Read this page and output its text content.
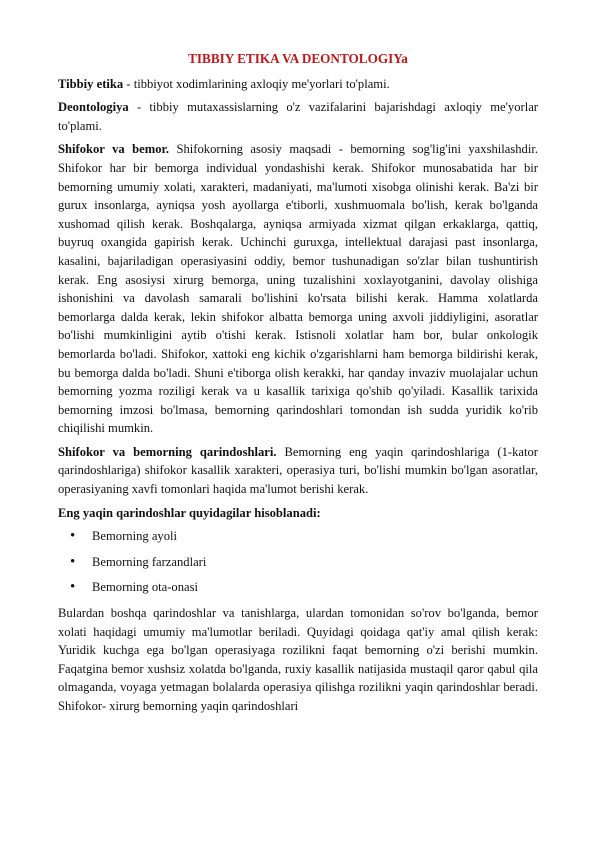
TIBBIY ETIKA VA DEONTOLOGIYa

Tibbiy etika - tibbiyot xodimlarining axloqiy me'yorlari to'plami.

Deontologiya - tibbiy mutaxassislarning o'z vazifalarini bajarishdagi axloqiy me'yorlar to'plami.

Shifokor va bemor. Shifokorning asosiy maqsadi - bemorning sog'lig'ini yaxshilashdir. Shifokor har bir bemorga individual yondashishi kerak. Shifokor munosabatida har bir bemorning umumiy xolati, xarakteri, madaniyati, ma'lumoti xisobga olinishi kerak. Ba'zi bir gurux insonlarga, ayniqsa yosh ayollarga e'tiborli, xushmuomala bo'lish, kerak bo'lganda xushomad qilish kerak. Boshqalarga, ayniqsa armiyada xizmat qilgan erkaklarga, qattiq, buyruq oxangida gapirish kerak. Uchinchi guruxga, intellektual darajasi past insonlarga, kasalini, bajariladigan operasiyasini oddiy, bemor tushunadigan so'zlar bilan tushuntirish kerak. Eng asosiysi xirurg bemorga, uning tuzalishini xoxlayotganini, davolay olishiga ishonishini va davolash samarali bo'lishini ko'rsata bilishi kerak. Hamma xolatlarda bemorlarga dalda kerak, lekin shifokor albatta bemorga uning axvoli jiddiyligini, asoratlar bo'lishi mumkinligini aytib o'tishi kerak. Istisnoli xolatlar ham bor, bular onkologik bemorlarda bo'ladi. Shifokor, xattoki eng kichik o'zgarishlarni ham bemorga bildirishi kerak, bu bemorga dalda bo'ladi. Shuni e'tiborga olish kerakki, har qanday invaziv muolajalar uchun bemorning yozma roziligi kerak va u kasallik tarixiga qo'shib qo'yiladi. Kasallik tarixida bemorning imzosi bo'lmasa, bemorning qarindoshlari tomondan ish sudda yuridik ko'rib chiqilishi mumkin.

Shifokor va bemorning qarindoshlari. Bemorning eng yaqin qarindoshlariga (1-kator qarindoshlariga) shifokor kasallik xarakteri, operasiya turi, bo'lishi mumkin bo'lgan asoratlar, operasiyaning xavfi tomonlari haqida ma'lumot berishi kerak.

Eng yaqin qarindoshlar quyidagilar hisoblanadi:

• Bemorning ayoli
• Bemorning farzandlari
• Bemorning ota-onasi

Bulardan boshqa qarindoshlar va tanishlarga, ulardan tomonidan so'rov bo'lganda, bemor xolati haqidagi umumiy ma'lumotlar beriladi. Quyidagi qoidaga qat'iy amal qilish kerak: Yuridik kuchga ega bo'lgan operasiyaga rozilikni faqat bemorning o'zi berishi mumkin. Faqatgina bemor xushsiz xolatda bo'lganda, ruxiy kasallik natijasida mustaqil qaror qabul qila olmaganda, voyaga yetmagan bolalarda operasiya qilishga rozilikni yaqin qarindoshlar beradi. Shifokor- xirurg bemorning yaqin qarindoshlari
